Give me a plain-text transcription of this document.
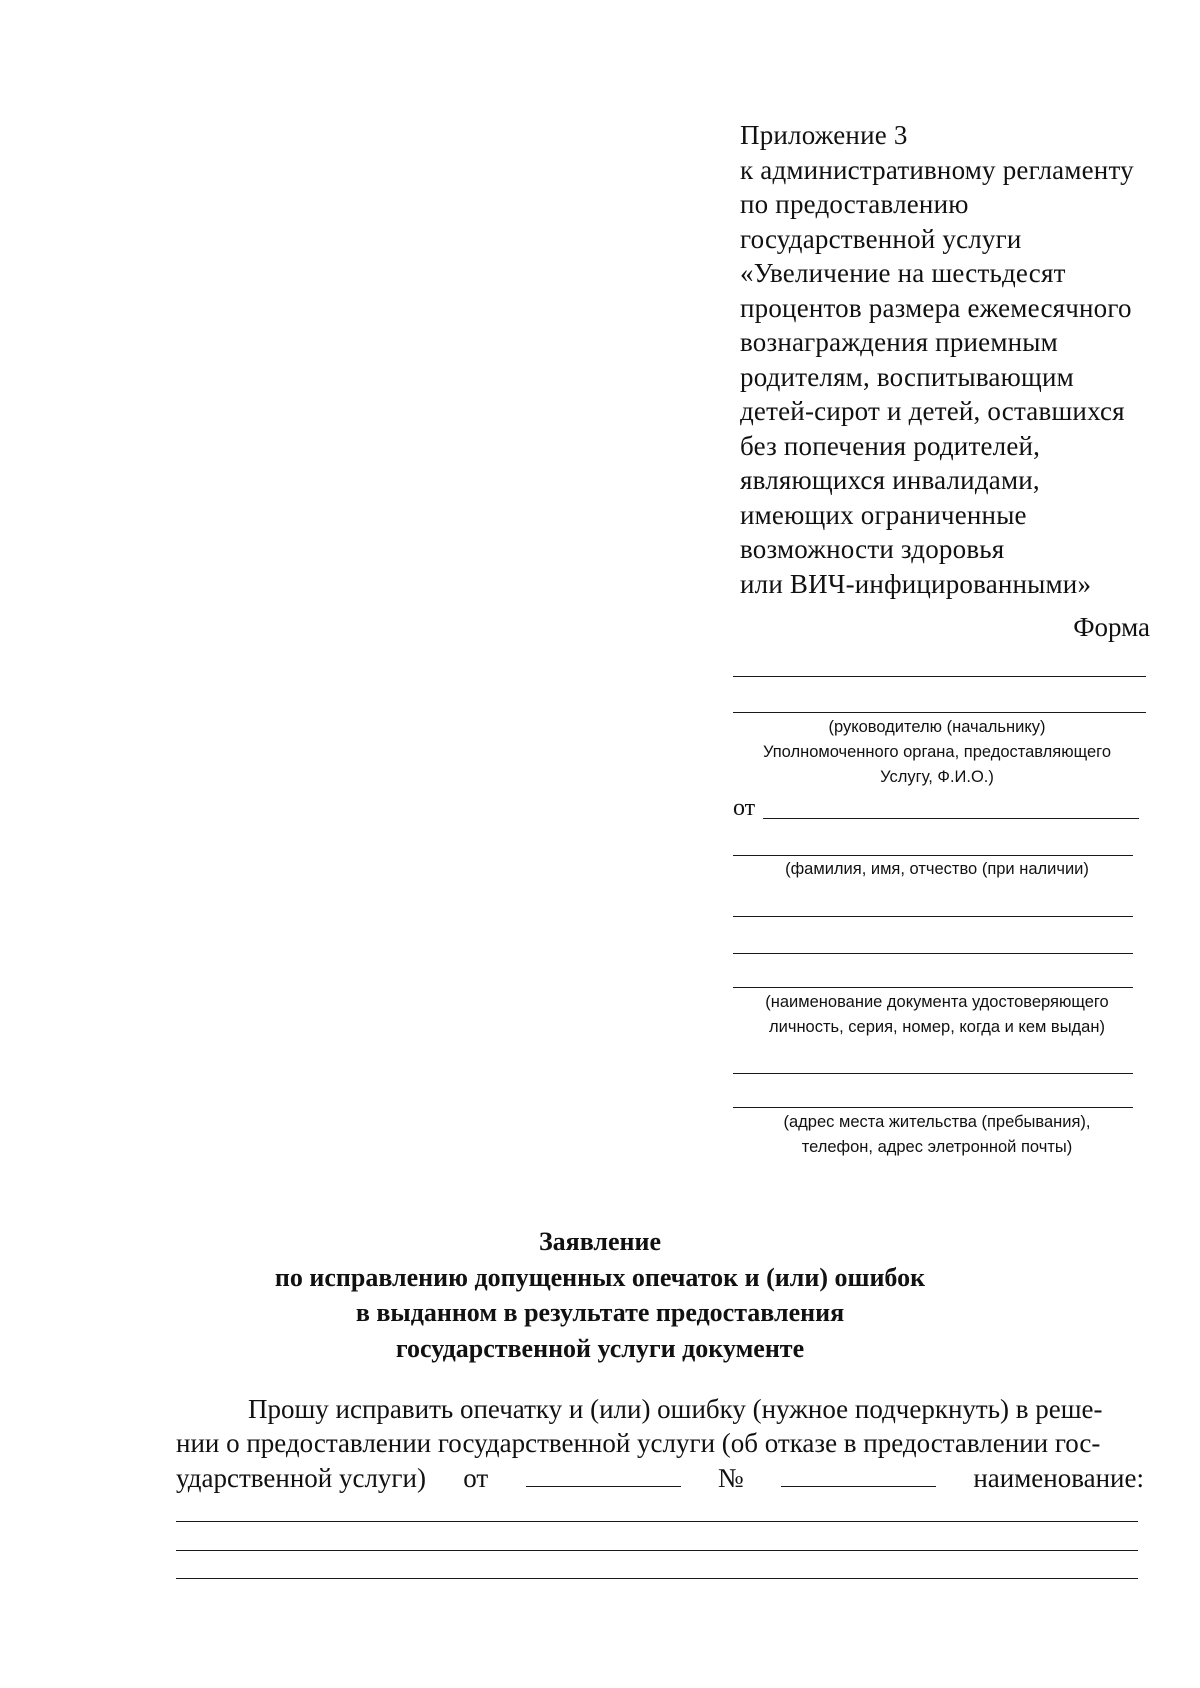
Приложение 3
к административному регламенту
по предоставлению
государственной услуги
«Увеличение на шестьдесят
процентов размера ежемесячного
вознаграждения приемным
родителям, воспитывающим
детей-сирот и детей, оставшихся
без попечения родителей,
являющихся инвалидами,
имеющих ограниченные
возможности здоровья
или ВИЧ-инфицированными»
Форма
(руководителю (начальнику)
Уполномоченного органа, предоставляющего
Услугу, Ф.И.О.)
от
(фамилия, имя, отчество (при наличии)
(наименование документа удостоверяющего
личность, серия, номер, когда и кем выдан)
(адрес места жительства (пребывания),
телефон, адрес элетронной почты)
Заявление
по исправлению допущенных опечаток и (или) ошибок
в выданном в результате предоставления
государственной услуги документе
Прошу исправить опечатку и (или) ошибку (нужное подчеркнуть) в реше-
нии о предоставлении государственной услуги (об отказе в предоставлении гос-
ударственной услуги) от	№	наименование:
